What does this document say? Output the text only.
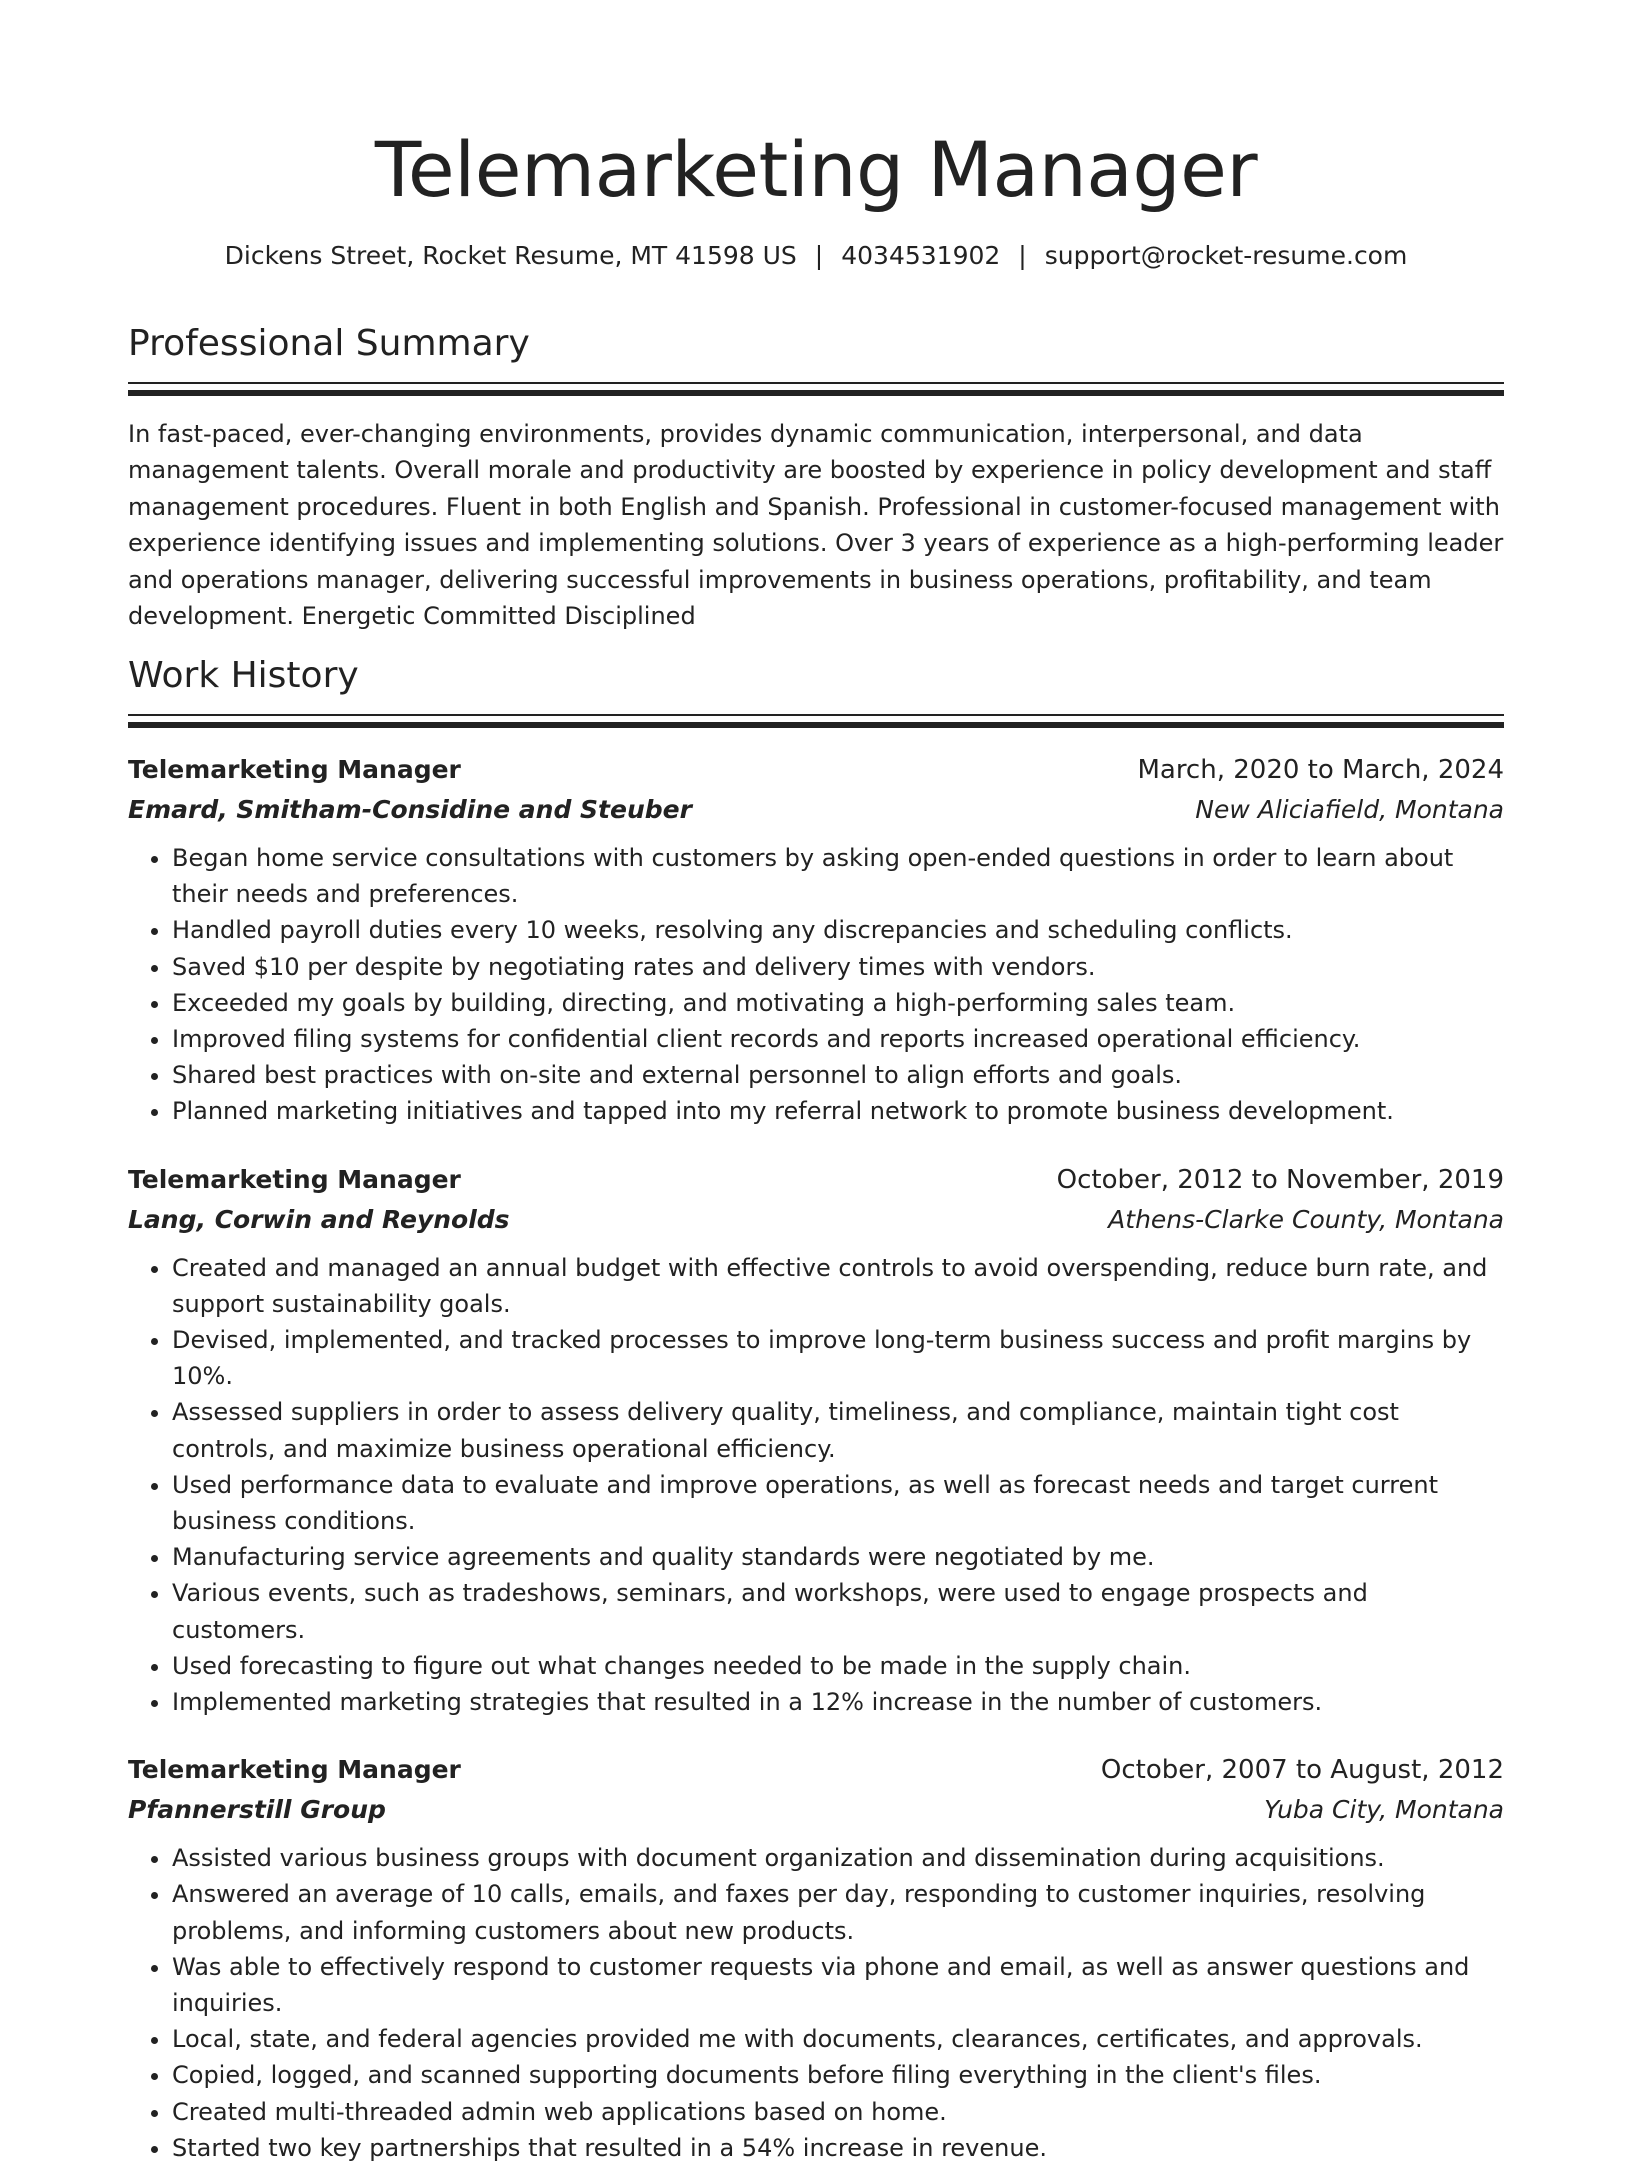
Telemarketing Manager
Dickens Street, Rocket Resume, MT 41598 US | 4034531902 | support@rocket-resume.com
Professional Summary
In fast-paced, ever-changing environments, provides dynamic communication, interpersonal, and data management talents. Overall morale and productivity are boosted by experience in policy development and staff management procedures. Fluent in both English and Spanish. Professional in customer-focused management with experience identifying issues and implementing solutions. Over 3 years of experience as a high-performing leader and operations manager, delivering successful improvements in business operations, profitability, and team development. Energetic Committed Disciplined
Work History
Telemarketing Manager	March, 2020 to March, 2024
Emard, Smitham-Considine and Steuber	New Aliciafield, Montana
• Began home service consultations with customers by asking open-ended questions in order to learn about their needs and preferences.
• Handled payroll duties every 10 weeks, resolving any discrepancies and scheduling conflicts.
• Saved $10 per despite by negotiating rates and delivery times with vendors.
• Exceeded my goals by building, directing, and motivating a high-performing sales team.
• Improved filing systems for confidential client records and reports increased operational efficiency.
• Shared best practices with on-site and external personnel to align efforts and goals.
• Planned marketing initiatives and tapped into my referral network to promote business development.
Telemarketing Manager	October, 2012 to November, 2019
Lang, Corwin and Reynolds	Athens-Clarke County, Montana
• Created and managed an annual budget with effective controls to avoid overspending, reduce burn rate, and support sustainability goals.
• Devised, implemented, and tracked processes to improve long-term business success and profit margins by 10%.
• Assessed suppliers in order to assess delivery quality, timeliness, and compliance, maintain tight cost controls, and maximize business operational efficiency.
• Used performance data to evaluate and improve operations, as well as forecast needs and target current business conditions.
• Manufacturing service agreements and quality standards were negotiated by me.
• Various events, such as tradeshows, seminars, and workshops, were used to engage prospects and customers.
• Used forecasting to figure out what changes needed to be made in the supply chain.
• Implemented marketing strategies that resulted in a 12% increase in the number of customers.
Telemarketing Manager	October, 2007 to August, 2012
Pfannerstill Group	Yuba City, Montana
• Assisted various business groups with document organization and dissemination during acquisitions.
• Answered an average of 10 calls, emails, and faxes per day, responding to customer inquiries, resolving problems, and informing customers about new products.
• Was able to effectively respond to customer requests via phone and email, as well as answer questions and inquiries.
• Local, state, and federal agencies provided me with documents, clearances, certificates, and approvals.
• Copied, logged, and scanned supporting documents before filing everything in the client's files.
• Created multi-threaded admin web applications based on home.
• Started two key partnerships that resulted in a 54% increase in revenue.
